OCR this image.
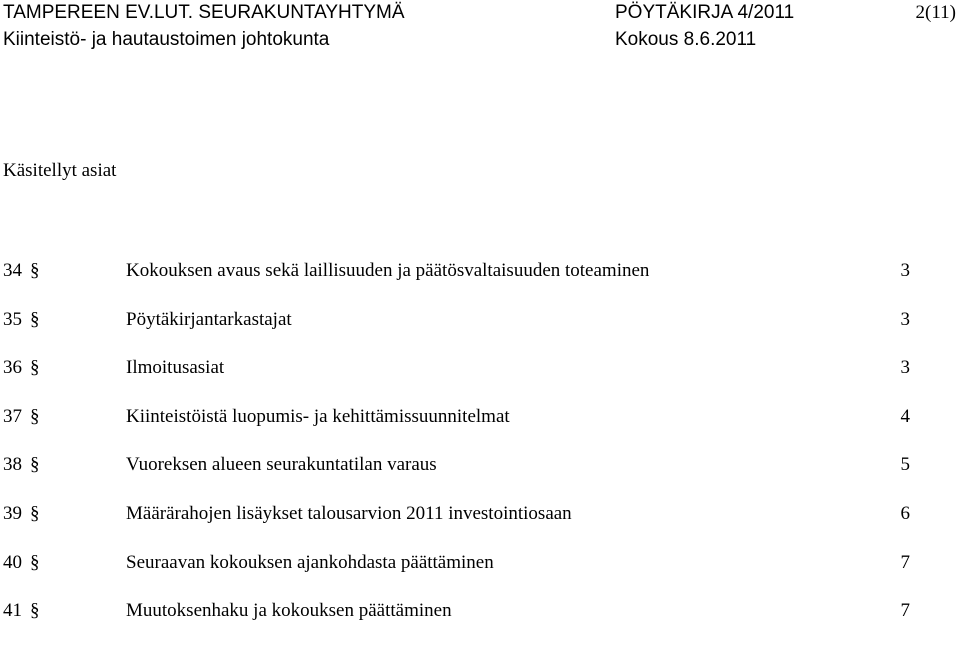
TAMPEREEN EV.LUT. SEURAKUNTAYHTYMÄ	PÖYTÄKIRJA 4/2011	2(11)
Kiinteistö- ja hautaustoimen johtokunta	Kokous 8.6.2011
Käsitellyt asiat
34 §	Kokouksen avaus sekä laillisuuden ja päätösvaltaisuuden toteaminen	3
35 §	Pöytäkirjantarkastajat	3
36 §	Ilmoitusasiat	3
37 §	Kiinteistöistä luopumis- ja kehittämissuunnitelmat	4
38 §	Vuoreksen alueen seurakuntatilan varaus	5
39 §	Määrärahojen lisäykset talousarvion 2011 investointiosaan	6
40 §	Seuraavan kokouksen ajankohdasta päättäminen	7
41 §	Muutoksenhaku ja kokouksen päättäminen	7
